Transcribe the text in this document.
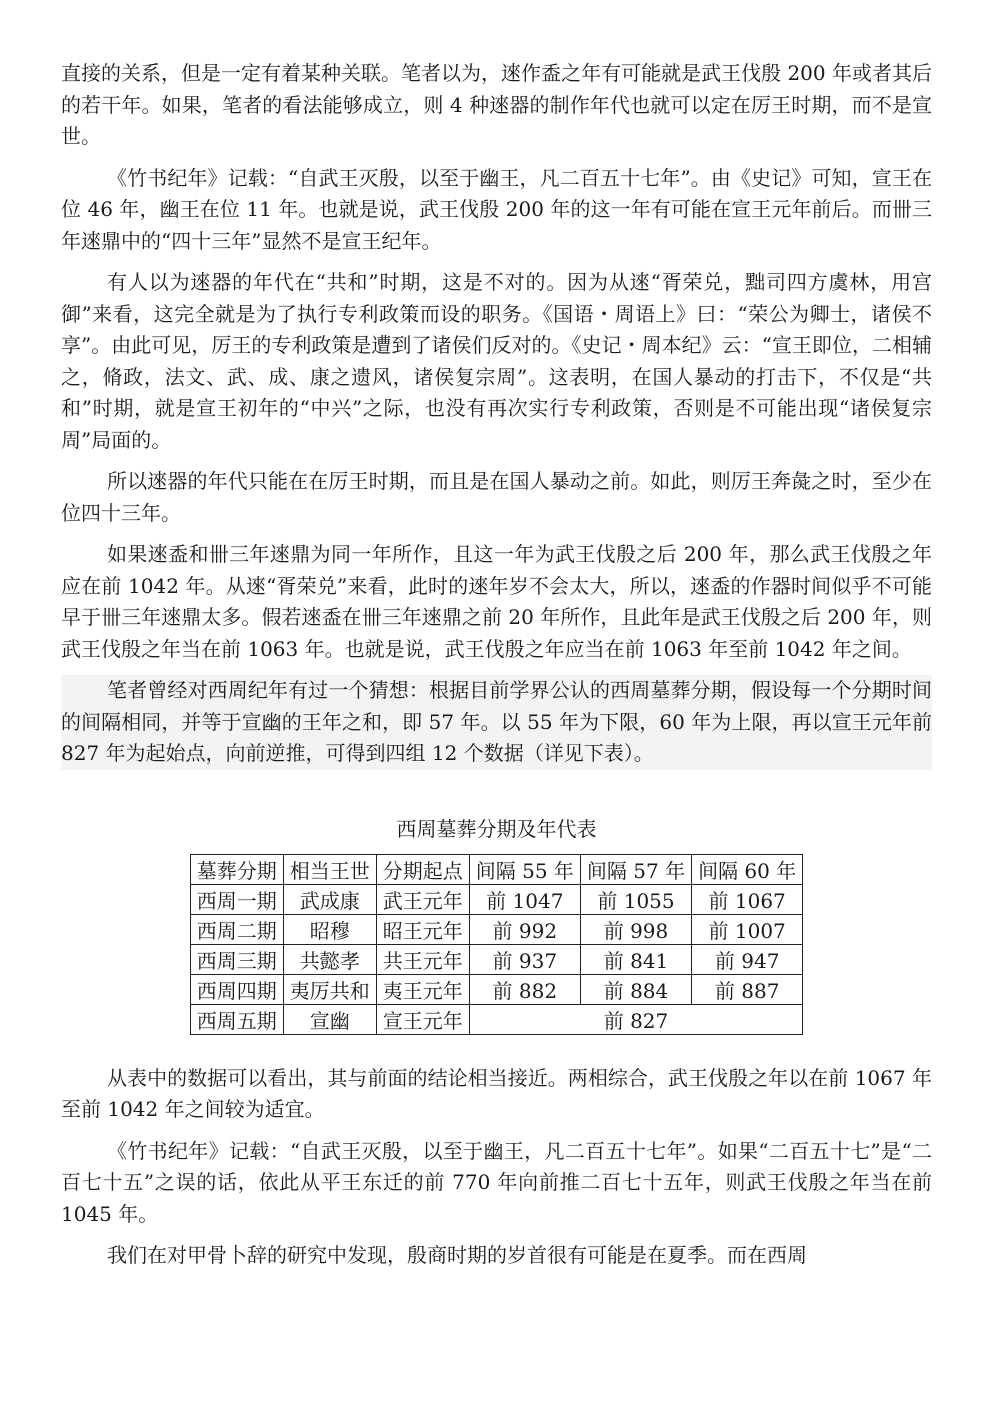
直接的关系，但是一定有着某种关联。笔者以为，逨作盉之年有可能就是武王伐殷 200 年或者其后的若干年。如果，笔者的看法能够成立，则 4 种逨器的制作年代也就可以定在厉王时期，而不是宣世。

《竹书纪年》记载：“自武王灭殷，以至于幽王，凡二百五十七年”。由《史记》可知，宣王在位 46 年，幽王在位 11 年。也就是说，武王伐殷 200 年的这一年有可能在宣王元年前后。而卌三年逨鼎中的“四十三年”显然不是宣王纪年。

有人以为逨器的年代在“共和”时期，这是不对的。因为从逨“胥荣兑，黜司四方虞林，用宫御”来看，这完全就是为了执行专利政策而设的职务。《国语・周语上》曰：“荣公为卿士，诸侯不享”。由此可见，厉王的专利政策是遭到了诸侯们反对的。《史记・周本纪》云：“宣王即位，二相辅之，脩政，法文、武、成、康之遗风，诸侯复宗周”。这表明，在国人暴动的打击下，不仅是“共和”时期，就是宣王初年的“中兴”之际，也没有再次实行专利政策，否则是不可能出现“诸侯复宗周”局面的。

所以逨器的年代只能在在厉王时期，而且是在国人暴动之前。如此，则厉王奔彘之时，至少在位四十三年。

如果逨盉和卌三年逨鼎为同一年所作，且这一年为武王伐殷之后 200 年，那么武王伐殷之年应在前 1042 年。从逨“胥荣兑”来看，此时的逨年岁不会太大，所以，逨盉的作器时间似乎不可能早于卌三年逨鼎太多。假若逨盉在卌三年逨鼎之前 20 年所作，且此年是武王伐殷之后 200 年，则武王伐殷之年当在前 1063 年。也就是说，武王伐殷之年应当在前 1063 年至前 1042 年之间。

笔者曾经对西周纪年有过一个猜想：根据目前学界公认的西周墓葬分期，假设每一个分期时间的间隔相同，并等于宣幽的王年之和，即 57 年。以 55 年为下限，60 年为上限，再以宣王元年前 827 年为起始点，向前逆推，可得到四组 12 个数据（详见下表）。

西周墓葬分期及年代表
墓葬分期	相当王世	分期起点	间隔 55 年	间隔 57 年	间隔 60 年
西周一期	武成康	武王元年	前 1047	前 1055	前 1067
西周二期	昭穆	昭王元年	前 992	前 998	前 1007
西周三期	共懿孝	共王元年	前 937	前 841	前 947
西周四期	夷厉共和	夷王元年	前 882	前 884	前 887
西周五期	宣幽	宣王元年	前 827		

从表中的数据可以看出，其与前面的结论相当接近。两相综合，武王伐殷之年以在前 1067 年至前 1042 年之间较为适宜。

《竹书纪年》记载：“自武王灭殷，以至于幽王，凡二百五十七年”。如果“二百五十七”是“二百七十五”之误的话，依此从平王东迁的前 770 年向前推二百七十五年，则武王伐殷之年当在前 1045 年。

我们在对甲骨卜辞的研究中发现，殷商时期的岁首很有可能是在夏季。而在西周
